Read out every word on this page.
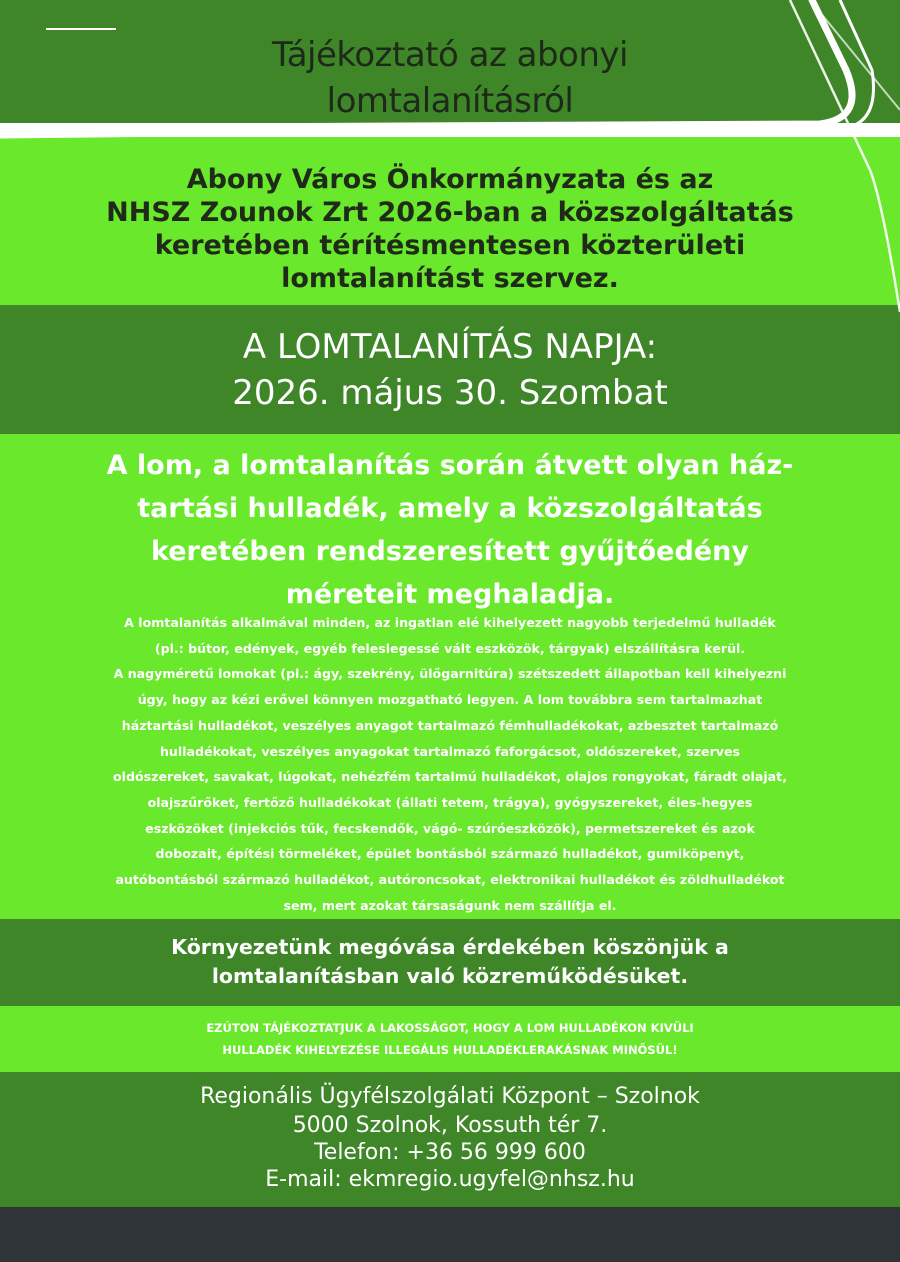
Tájékoztató az abonyi
lomtalanításról
Abony Város Önkormányzata és az
NHSZ Zounok Zrt 2026-ban a közszolgáltatás
keretében térítésmentesen közterületi
lomtalanítást szervez.
A LOMTALANÍTÁS NAPJA:
2026. május 30. Szombat
A lom, a lomtalanítás során átvett olyan ház-
tartási hulladék, amely a közszolgáltatás
keretében rendszeresített gyűjtőedény
méreteit meghaladja.
A lomtalanítás alkalmával minden, az ingatlan elé kihelyezett nagyobb terjedelmű hulladék
(pl.: bútor, edények, egyéb feleslegessé vált eszközök, tárgyak) elszállításra kerül.
A nagyméretű lomokat (pl.: ágy, szekrény, ülőgarnitúra) szétszedett állapotban kell kihelyezni
úgy, hogy az kézi erővel könnyen mozgatható legyen. A lom továbbra sem tartalmazhat
háztartási hulladékot, veszélyes anyagot tartalmazó fémhulladékokat, azbesztet tartalmazó
hulladékokat, veszélyes anyagokat tartalmazó faforgácsot, oldószereket, szerves
oldószereket, savakat, lúgokat, nehézfém tartalmú hulladékot, olajos rongyokat, fáradt olajat,
olajszűrőket, fertőző hulladékokat (állati tetem, trágya), gyógyszereket, éles-hegyes
eszközöket (injekciós tűk, fecskendők, vágó- szúróeszközök), permetszereket és azok
dobozait, építési törmeléket, épület bontásból származó hulladékot, gumiköpenyt,
autóbontásból származó hulladékot, autóroncsokat, elektronikai hulladékot és zöldhulladékot
sem, mert azokat társaságunk nem szállítja el.
Környezetünk megóvása érdekében köszönjük a
lomtalanításban való közreműködésüket.
EZÚTON TÁJÉKOZTATJUK A LAKOSSÁGOT, HOGY A LOM HULLADÉKON KIVÜLI
HULLADÉK KIHELYEZÉSE ILLEGÁLIS HULLADÉKLERAKÁSNAK MINŐSÜL!
Regionális Ügyfélszolgálati Központ – Szolnok
5000 Szolnok, Kossuth tér 7.
Telefon: +36 56 999 600
E-mail: ekmregio.ugyfel@nhsz.hu
